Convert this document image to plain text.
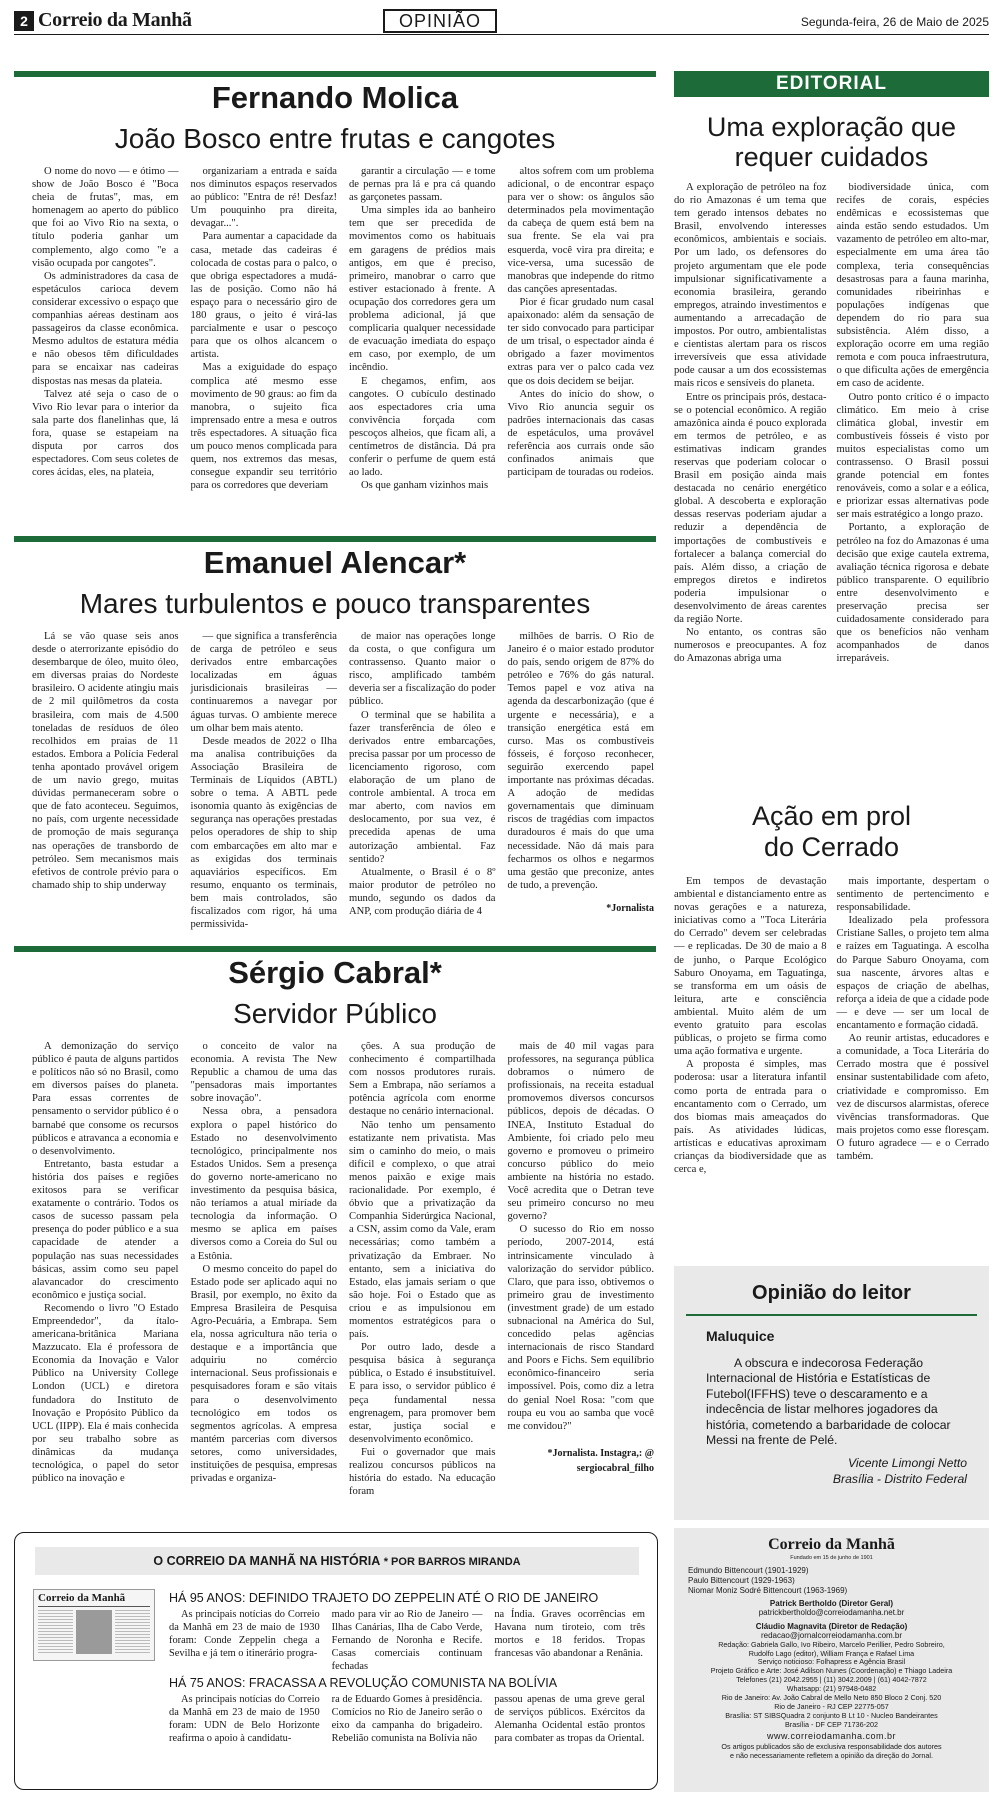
2 Correio da Manhã	OPINIÃO	Segunda-feira, 26 de Maio de 2025
Fernando Molica
João Bosco entre frutas e cangotes

O nome do novo — e ótimo — show de João Bosco é "Boca cheia de frutas", mas, em homenagem ao aperto do público que foi ao Vivo Rio na sexta, o título poderia ganhar um complemento, algo como "e a visão ocupada por cangotes".

Os administradores da casa de espetáculos carioca devem considerar excessivo o espaço que companhias aéreas destinam aos passageiros da classe econômica. Mesmo adultos de estatura média e não obesos têm dificuldades para se encaixar nas cadeiras dispostas nas mesas da plateia.

Talvez até seja o caso de o Vivo Rio levar para o interior da sala parte dos flanelinhas que, lá fora, quase se estapeiam na disputa por carros dos espectadores. Com seus coletes de cores ácidas, eles, na plateia,

organizariam a entrada e saída nos diminutos espaços reservados ao público: "Entra de ré! Desfaz! Um pouquinho pra direita, devagar...".

Para aumentar a capacidade da casa, metade das cadeiras é colocada de costas para o palco, o que obriga espectadores a mudá-las de posição. Como não há espaço para o necessário giro de 180 graus, o jeito é virá-las parcialmente e usar o pescoço para que os olhos alcancem o artista.

Mas a exiguidade do espaço complica até mesmo esse movimento de 90 graus: ao fim da manobra, o sujeito fica imprensado entre a mesa e outros três espectadores. A situação fica um pouco menos complicada para quem, nos extremos das mesas, consegue expandir seu território para os corredores que deveriam

garantir a circulação — e tome de pernas pra lá e pra cá quando as garçonetes passam.

Uma simples ida ao banheiro tem que ser precedida de movimentos como os habituais em garagens de prédios mais antigos, em que é preciso, primeiro, manobrar o carro que estiver estacionado à frente. A ocupação dos corredores gera um problema adicional, já que complicaria qualquer necessidade de evacuação imediata do espaço em caso, por exemplo, de um incêndio.

E chegamos, enfim, aos cangotes. O cubículo destinado aos espectadores cria uma convivência forçada com pescoços alheios, que ficam ali, a centímetros de distância. Dá pra conferir o perfume de quem está ao lado.

Os que ganham vizinhos mais

altos sofrem com um problema adicional, o de encontrar espaço para ver o show: os ângulos são determinados pela movimentação da cabeça de quem está bem na sua frente. Se ela vai pra esquerda, você vira pra direita; e vice-versa, uma sucessão de manobras que independe do ritmo das canções apresentadas.

Pior é ficar grudado num casal apaixonado: além da sensação de ter sido convocado para participar de um trisal, o espectador ainda é obrigado a fazer movimentos extras para ver o palco cada vez que os dois decidem se beijar.

Antes do início do show, o Vivo Rio anuncia seguir os padrões internacionais das casas de espetáculos, uma provável referência aos currais onde são confinados animais que participam de touradas ou rodeios.

Emanuel Alencar*
Mares turbulentos e pouco transparentes

Lá se vão quase seis anos desde o aterrorizante episódio do desembarque de óleo, muito óleo, em diversas praias do Nordeste brasileiro. O acidente atingiu mais de 2 mil quilômetros da costa brasileira, com mais de 4.500 toneladas de resíduos de óleo recolhidos em praias de 11 estados. Embora a Polícia Federal tenha apontado provável origem de um navio grego, muitas dúvidas permaneceram sobre o que de fato aconteceu. Seguimos, no país, com urgente necessidade de promoção de mais segurança nas operações de transbordo de petróleo. Sem mecanismos mais efetivos de controle prévio para o chamado ship to ship underway

— que significa a transferência de carga de petróleo e seus derivados entre embarcações localizadas em águas jurisdicionais brasileiras — continuaremos a navegar por águas turvas. O ambiente merece um olhar bem mais atento.

Desde meados de 2022 o Ilha ma analisa contribuições da Associação Brasileira de Terminais de Líquidos (ABTL) sobre o tema. A ABTL pede isonomia quanto às exigências de segurança nas operações prestadas pelos operadores de ship to ship com embarcações em alto mar e as exigidas dos terminais aquaviários específicos. Em resumo, enquanto os terminais, bem mais controlados, são fiscalizados com rigor, há uma permissivida-

de maior nas operações longe da costa, o que configura um contrassenso. Quanto maior o risco, amplificado também deveria ser a fiscalização do poder público.

O terminal que se habilita a fazer transferência de óleo e derivados entre embarcações, precisa passar por um processo de licenciamento rigoroso, com elaboração de um plano de controle ambiental. A troca em mar aberto, com navios em deslocamento, por sua vez, é precedida apenas de uma autorização ambiental. Faz sentido?

Atualmente, o Brasil é o 8º maior produtor de petróleo no mundo, segundo os dados da ANP, com produção diária de 4

milhões de barris. O Rio de Janeiro é o maior estado produtor do país, sendo origem de 87% do petróleo e 76% do gás natural. Temos papel e voz ativa na agenda da descarbonização (que é urgente e necessária), e a transição energética está em curso. Mas os combustíveis fósseis, é forçoso reconhecer, seguirão exercendo papel importante nas próximas décadas. A adoção de medidas governamentais que diminuam riscos de tragédias com impactos duradouros é mais do que uma necessidade. Não dá mais para fecharmos os olhos e negarmos uma gestão que preconize, antes de tudo, a prevenção.

*Jornalista
Sérgio Cabral*
Servidor Público

A demonização do serviço público é pauta de alguns partidos e políticos não só no Brasil, como em diversos países do planeta. Para essas correntes de pensamento o servidor público é o barnabé que consome os recursos públicos e atravanca a economia e o desenvolvimento.

Entretanto, basta estudar a história dos países e regiões exitosos para se verificar exatamente o contrário. Todos os casos de sucesso passam pela presença do poder público e a sua capacidade de atender a população nas suas necessidades básicas, assim como seu papel alavancador do crescimento econômico e justiça social.

Recomendo o livro "O Estado Empreendedor", da ítalo-americana-britânica Mariana Mazzucato. Ela é professora de Economia da Inovação e Valor Público na University College London (UCL) e diretora fundadora do Instituto de Inovação e Propósito Público da UCL (IIPP). Ela é mais conhecida por seu trabalho sobre as dinâmicas da mudança tecnológica, o papel do setor público na inovação e

o conceito de valor na economia. A revista The New Republic a chamou de uma das "pensadoras mais importantes sobre inovação".

Nessa obra, a pensadora explora o papel histórico do Estado no desenvolvimento tecnológico, principalmente nos Estados Unidos. Sem a presença do governo norte-americano no investimento da pesquisa básica, não teríamos a atual miríade da tecnologia da informação. O mesmo se aplica em países diversos como a Coreia do Sul ou a Estônia.

O mesmo conceito do papel do Estado pode ser aplicado aqui no Brasil, por exemplo, no êxito da Empresa Brasileira de Pesquisa Agro-Pecuária, a Embrapa. Sem ela, nossa agricultura não teria o destaque e a importância que adquiriu no comércio internacional. Seus profissionais e pesquisadores foram e são vitais para o desenvolvimento tecnológico em todos os segmentos agrícolas. A empresa mantém parcerias com diversos setores, como universidades, instituições de pesquisa, empresas privadas e organiza-

ções. A sua produção de conhecimento é compartilhada com nossos produtores rurais. Sem a Embrapa, não seríamos a potência agrícola com enorme destaque no cenário internacional.

Não tenho um pensamento estatizante nem privatista. Mas sim o caminho do meio, o mais difícil e complexo, o que atrai menos paixão e exige mais racionalidade. Por exemplo, é óbvio que a privatização da Companhia Siderúrgica Nacional, a CSN, assim como da Vale, eram necessárias; como também a privatização da Embraer. No entanto, sem a iniciativa do Estado, elas jamais seriam o que são hoje. Foi o Estado que as criou e as impulsionou em momentos estratégicos para o país.

Por outro lado, desde a pesquisa básica à segurança pública, o Estado é insubstituível. E para isso, o servidor público é peça fundamental nessa engrenagem, para promover bem estar, justiça social e desenvolvimento econômico.

Fui o governador que mais realizou concursos públicos na história do estado. Na educação foram

mais de 40 mil vagas para professores, na segurança pública dobramos o número de profissionais, na receita estadual promovemos diversos concursos públicos, depois de décadas. O INEA, Instituto Estadual do Ambiente, foi criado pelo meu governo e promoveu o primeiro concurso público do meio ambiente na história no estado. Você acredita que o Detran teve seu primeiro concurso no meu governo?

O sucesso do Rio em nosso período, 2007-2014, está intrinsicamente vinculado à valorização do servidor público. Claro, que para isso, obtivemos o primeiro grau de investimento (investment grade) de um estado subnacional na América do Sul, concedido pelas agências internacionais de risco Standard and Poors e Fichs. Sem equilíbrio econômico-financeiro seria impossível. Pois, como diz a letra do genial Noel Rosa: "com que roupa eu vou ao samba que você me convidou?"

*Jornalista. Instagra,: @
sergiocabral_filho
EDITORIAL
Uma exploração que
requer cuidados

A exploração de petróleo na foz do rio Amazonas é um tema que tem gerado intensos debates no Brasil, envolvendo interesses econômicos, ambientais e sociais. Por um lado, os defensores do projeto argumentam que ele pode impulsionar significativamente a economia brasileira, gerando empregos, atraindo investimentos e aumentando a arrecadação de impostos. Por outro, ambientalistas e cientistas alertam para os riscos irreversíveis que essa atividade pode causar a um dos ecossistemas mais ricos e sensíveis do planeta.

Entre os principais prós, destaca-se o potencial econômico. A região amazônica ainda é pouco explorada em termos de petróleo, e as estimativas indicam grandes reservas que poderiam colocar o Brasil em posição ainda mais destacada no cenário energético global. A descoberta e exploração dessas reservas poderiam ajudar a reduzir a dependência de importações de combustíveis e fortalecer a balança comercial do país. Além disso, a criação de empregos diretos e indiretos poderia impulsionar o desenvolvimento de áreas carentes da região Norte.

No entanto, os contras são numerosos e preocupantes. A foz do Amazonas abriga uma

biodiversidade única, com recifes de corais, espécies endêmicas e ecossistemas que ainda estão sendo estudados. Um vazamento de petróleo em alto-mar, especialmente em uma área tão complexa, teria consequências desastrosas para a fauna marinha, comunidades ribeirinhas e populações indígenas que dependem do rio para sua subsistência. Além disso, a exploração ocorre em uma região remota e com pouca infraestrutura, o que dificulta ações de emergência em caso de acidente.

Outro ponto crítico é o impacto climático. Em meio à crise climática global, investir em combustíveis fósseis é visto por muitos especialistas como um contrassenso. O Brasil possui grande potencial em fontes renováveis, como a solar e a eólica, e priorizar essas alternativas pode ser mais estratégico a longo prazo.

Portanto, a exploração de petróleo na foz do Amazonas é uma decisão que exige cautela extrema, avaliação técnica rigorosa e debate público transparente. O equilíbrio entre desenvolvimento e preservação precisa ser cuidadosamente considerado para que os benefícios não venham acompanhados de danos irreparáveis.

Ação em prol
do Cerrado

Em tempos de devastação ambiental e distanciamento entre as novas gerações e a natureza, iniciativas como a "Toca Literária do Cerrado" devem ser celebradas — e replicadas. De 30 de maio a 8 de junho, o Parque Ecológico Saburo Onoyama, em Taguatinga, se transforma em um oásis de leitura, arte e consciência ambiental. Muito além de um evento gratuito para escolas públicas, o projeto se firma como uma ação formativa e urgente.

A proposta é simples, mas poderosa: usar a literatura infantil como porta de entrada para o encantamento com o Cerrado, um dos biomas mais ameaçados do país. As atividades lúdicas, artísticas e educativas aproximam crianças da biodiversidade que as cerca e,

mais importante, despertam o sentimento de pertencimento e responsabilidade.

Idealizado pela professora Cristiane Salles, o projeto tem alma e raízes em Taguatinga. A escolha do Parque Saburo Onoyama, com sua nascente, árvores altas e espaços de criação de abelhas, reforça a ideia de que a cidade pode — e deve — ser um local de encantamento e formação cidadã.

Ao reunir artistas, educadores e a comunidade, a Toca Literária do Cerrado mostra que é possível ensinar sustentabilidade com afeto, criatividade e compromisso. Em vez de discursos alarmistas, oferece vivências transformadoras. Que mais projetos como esse floresçam. O futuro agradece — e o Cerrado também.

Opinião do leitor
Maluquice
A obscura e indecorosa Federação Internacional de História e Estatísticas de Futebol(IFFHS) teve o descaramento e a indecência de listar melhores jogadores da história, cometendo a barbaridade de colocar Messi na frente de Pelé.
Vicente Limongi Netto
Brasília - Distrito Federal
O CORREIO DA MANHÃ NA HISTÓRIA * POR BARROS MIRANDA
Correio da Manhã	HÁ 95 ANOS: DEFINIDO TRAJETO DO ZEPPELIN ATÉ O RIO DE JANEIRO

As principais notícias do Correio da Manhã em 23 de maio de 1930 foram: Conde Zeppelin chega a Sevilha e já tem o itinerário progra-

mado para vir ao Rio de Janeiro — Ilhas Canárias, Ilha de Cabo Verde, Fernando de Noronha e Recife. Casas comerciais continuam fechadas

na Índia. Graves ocorrências em Havana num tiroteio, com três mortos e 18 feridos. Tropas francesas vão abandonar a Renânia.

HÁ 75 ANOS: FRACASSA A REVOLUÇÃO COMUNISTA NA BOLÍVIA

As principais notícias do Correio da Manhã em 23 de maio de 1950 foram: UDN de Belo Horizonte reafirma o apoio à candidatu-

ra de Eduardo Gomes à presidência. Comícios no Rio de Janeiro serão o eixo da campanha do brigadeiro. Rebelião comunista na Bolívia não

passou apenas de uma greve geral de serviços públicos. Exércitos da Alemanha Ocidental estão prontos para combater as tropas da Oriental.

Correio da Manhã
Fundado em 15 de junho de 1901
Edmundo Bittencourt (1901-1929)
Paulo Bittencourt (1929-1963)
Niomar Moniz Sodré Bittencourt (1963-1969)
Patrick Bertholdo (Diretor Geral)
patrickbertholdo@correiodamanha.net.br
Cláudio Magnavita (Diretor de Redação)
redacao@jornalcorreiodamanha.com.br
Redação: Gabriela Gallo, Ivo Ribeiro, Marcelo Perillier, Pedro Sobreiro,
Rudolfo Lago (editor), William França e Rafael Lima
Serviço noticioso: Folhapress e Agência Brasil
Projeto Gráfico e Arte: José Adilson Nunes (Coordenação) e Thiago Ladeira
Telefones (21) 2042.2955 | (11) 3042.2009 | (61) 4042-7872
Whatsapp: (21) 97948-0482
Rio de Janeiro: Av. João Cabral de Mello Neto 850 Bloco 2 Conj. 520
Rio de Janeiro - RJ CEP 22775-057
Brasília: ST SIBSQuadra 2 conjunto B Lt 10 - Nucleo Bandeirantes
Brasília - DF CEP 71736-202
www.correiodamanha.com.br
Os artigos publicados são de exclusiva responsabilidade dos autores
e não necessariamente refletem a opinião da direção do Jornal.
